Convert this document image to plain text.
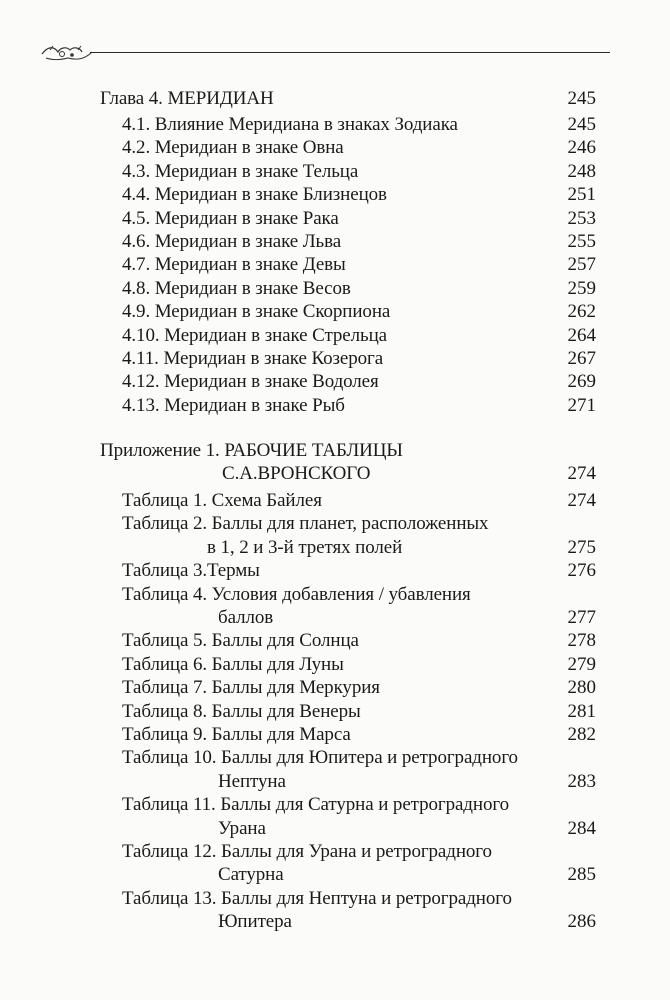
Глава 4. МЕРИДИАН	245
4.1. Влияние Меридиана в знаках Зодиака	245
4.2. Меридиан в знаке Овна	246
4.3. Меридиан в знаке Тельца	248
4.4. Меридиан в знаке Близнецов	251
4.5. Меридиан в знаке Рака	253
4.6. Меридиан в знаке Льва	255
4.7. Меридиан в знаке Девы	257
4.8. Меридиан в знаке Весов	259
4.9. Меридиан в знаке Скорпиона	262
4.10. Меридиан в знаке Стрельца	264
4.11. Меридиан в знаке Козерога	267
4.12. Меридиан в знаке Водолея	269
4.13. Меридиан в знаке Рыб	271
Приложение 1. РАБОЧИЕ ТАБЛИЦЫ
С.А.ВРОНСКОГО	274
Таблица 1. Схема Байлея	274
Таблица 2. Баллы для планет, расположенных
в 1, 2 и 3-й третях полей	275
Таблица 3.Термы	276
Таблица 4. Условия добавления / убавления
баллов	277
Таблица 5. Баллы для Солнца	278
Таблица 6. Баллы для Луны	279
Таблица 7. Баллы для Меркурия	280
Таблица 8. Баллы для Венеры	281
Таблица 9. Баллы для Марса	282
Таблица 10. Баллы для Юпитера и ретроградного
Нептуна	283
Таблица 11. Баллы для Сатурна и ретроградного
Урана	284
Таблица 12. Баллы для Урана и ретроградного
Сатурна	285
Таблица 13. Баллы для Нептуна и ретроградного
Юпитера	286
